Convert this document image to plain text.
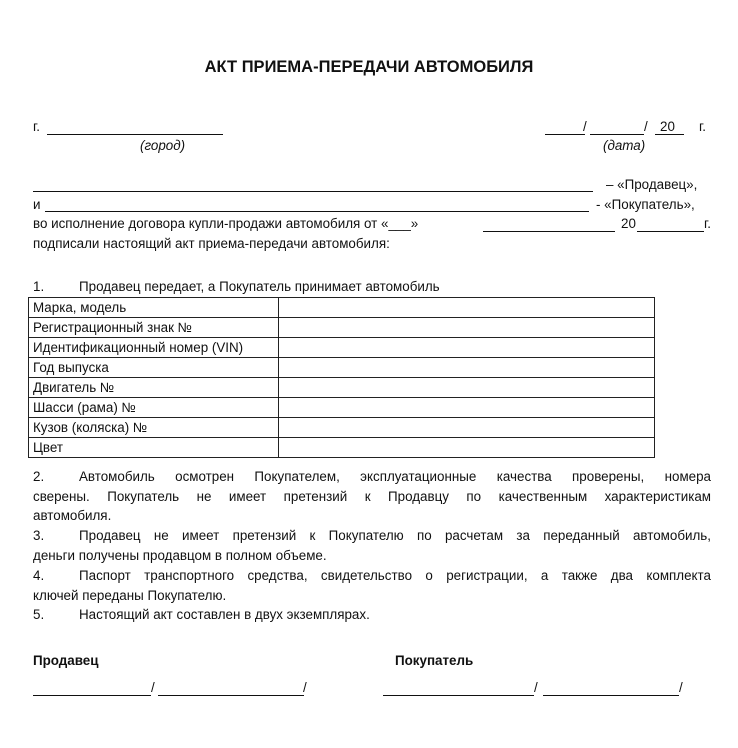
АКТ ПРИЕМА-ПЕРЕДАЧИ АВТОМОБИЛЯ
г.
(город)
/	/ 20 г.
(дата)
– «Продавец»,
и	- «Покупатель»,
во исполнение договора купли-продажи автомобиля от «___»	20	г.
подписали настоящий акт приема-передачи автомобиля:
1.	Продавец передает, а Покупатель принимает автомобиль
Марка, модель	
Регистрационный знак №	
Идентификационный номер (VIN)	
Год выпуска	
Двигатель №	
Шасси (рама) №	
Кузов (коляска) №	
Цвет	
2.	Автомобиль осмотрен Покупателем, эксплуатационные качества проверены, номера
сверены. Покупатель не имеет претензий к Продавцу по качественным характеристикам
автомобиля.
3.	Продавец не имеет претензий к Покупателю по расчетам за переданный автомобиль,
деньги получены продавцом в полном объеме.
4.	Паспорт транспортного средства, свидетельство о регистрации, а также два комплекта
ключей переданы Покупателю.
5.	Настоящий акт составлен в двух экземплярах.
Продавец	Покупатель
/	/	/	/
